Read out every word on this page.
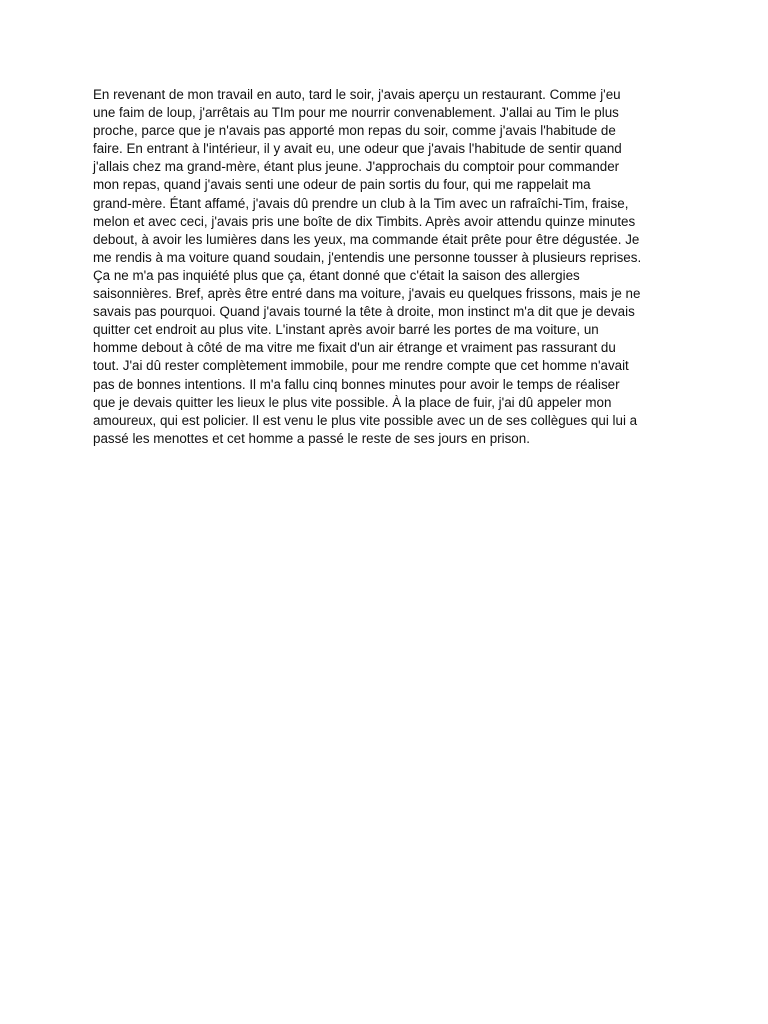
En revenant de mon travail en auto, tard le soir, j'avais aperçu un restaurant. Comme j'eu
une faim de loup, j'arrêtais au TIm pour me nourrir convenablement. J'allai au Tim le plus
proche, parce que je n'avais pas apporté mon repas du soir, comme j'avais l'habitude de
faire. En entrant à l'intérieur, il y avait eu, une odeur que j'avais l'habitude de sentir quand
j'allais chez ma grand-mère, étant plus jeune. J'approchais du comptoir pour commander
mon repas, quand j'avais senti une odeur de pain sortis du four, qui me rappelait ma
grand-mère. Étant affamé, j'avais dû prendre un club à la Tim avec un rafraîchi-Tim, fraise,
melon et avec ceci, j'avais pris une boîte de dix Timbits. Après avoir attendu quinze minutes
debout, à avoir les lumières dans les yeux, ma commande était prête pour être dégustée. Je
me rendis à ma voiture quand soudain, j'entendis une personne tousser à plusieurs reprises.
Ça ne m'a pas inquiété plus que ça, étant donné que c'était la saison des allergies
saisonnières. Bref, après être entré dans ma voiture, j'avais eu quelques frissons, mais je ne
savais pas pourquoi. Quand j'avais tourné la tête à droite, mon instinct m'a dit que je devais
quitter cet endroit au plus vite. L'instant après avoir barré les portes de ma voiture, un
homme debout à côté de ma vitre me fixait d'un air étrange et vraiment pas rassurant du
tout. J'ai dû rester complètement immobile, pour me rendre compte que cet homme n'avait
pas de bonnes intentions. Il m'a fallu cinq bonnes minutes pour avoir le temps de réaliser
que je devais quitter les lieux le plus vite possible. À la place de fuir, j'ai dû appeler mon
amoureux, qui est policier. Il est venu le plus vite possible avec un de ses collègues qui lui a
passé les menottes et cet homme a passé le reste de ses jours en prison.
